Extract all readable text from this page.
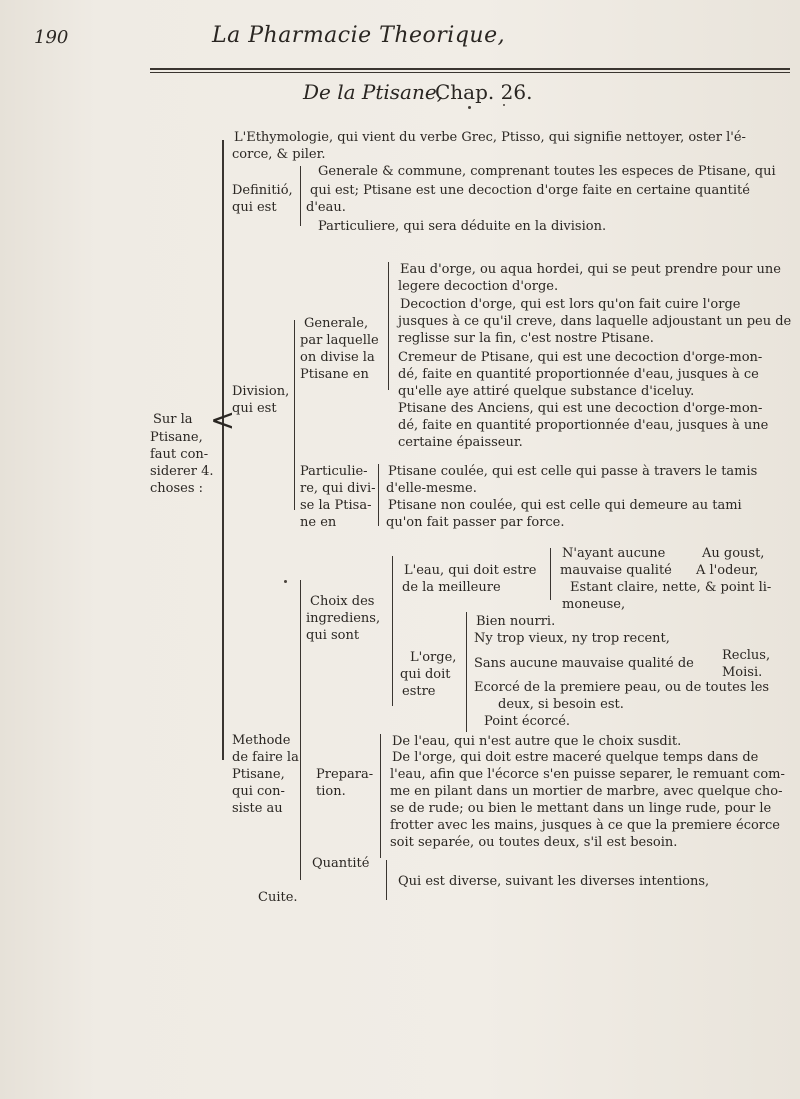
190	La Pharmacie Theorique,
De la Ptisane,
Chap. 26.
<
Sur la
Ptisane,
faut con-
siderer 4.
choses :
L'Ethymologie, qui vient du verbe Grec, Ptisso, qui signifie nettoyer, oster l'é-
corce, & piler.
Definitió,
qui est
Generale & commune, comprenant toutes les especes de Ptisane, qui
qui est; Ptisane est une decoction d'orge faite en certaine quantité
d'eau.
Particuliere, qui sera déduite en la division.
Division,
qui est
Generale,
par laquelle
on divise la
Ptisane en
Eau d'orge, ou aqua hordei, qui se peut prendre pour une
legere decoction d'orge.
Decoction d'orge, qui est lors qu'on fait cuire l'orge
jusques à ce qu'il creve, dans laquelle adjoustant un peu de
reglisse sur la fin, c'est nostre Ptisane.
Cremeur de Ptisane, qui est une decoction d'orge-mon-
dé, faite en quantité proportionnée d'eau, jusques à ce
qu'elle aye attiré quelque substance d'iceluy.
Ptisane des Anciens, qui est une decoction d'orge-mon-
dé, faite en quantité proportionnée d'eau, jusques à une
certaine épaisseur.
Particulie-
re, qui divi-
se la Ptisa-
ne en
Ptisane coulée, qui est celle qui passe à travers le tamis
d'elle-mesme.
Ptisane non coulée, qui est celle qui demeure au tami
qu'on fait passer par force.
Methode
de faire la
Ptisane,
qui con-
siste au
Choix des
ingrediens,
qui sont
L'eau, qui doit estre
de la meilleure
N'ayant aucune
mauvaise qualité
Estant claire, nette, & point li-
moneuse,
Au goust,
A l'odeur,
L'orge,
qui doit
estre
Bien nourri.
Ny trop vieux, ny trop recent,
Sans aucune mauvaise qualité de
Ecorcé de la premiere peau, ou de toutes les
deux, si besoin est.
Point écorcé.
Reclus,
Moisi.
Prepara-
tion.
De l'eau, qui n'est autre que le choix susdit.
De l'orge, qui doit estre maceré quelque temps dans de
l'eau, afin que l'écorce s'en puisse separer, le remuant com-
me en pilant dans un mortier de marbre, avec quelque cho-
se de rude; ou bien le mettant dans un linge rude, pour le
frotter avec les mains, jusques à ce que la premiere écorce
soit separée, ou toutes deux, s'il est besoin.
Quantité
Qui est diverse, suivant les diverses intentions,
Cuite.
